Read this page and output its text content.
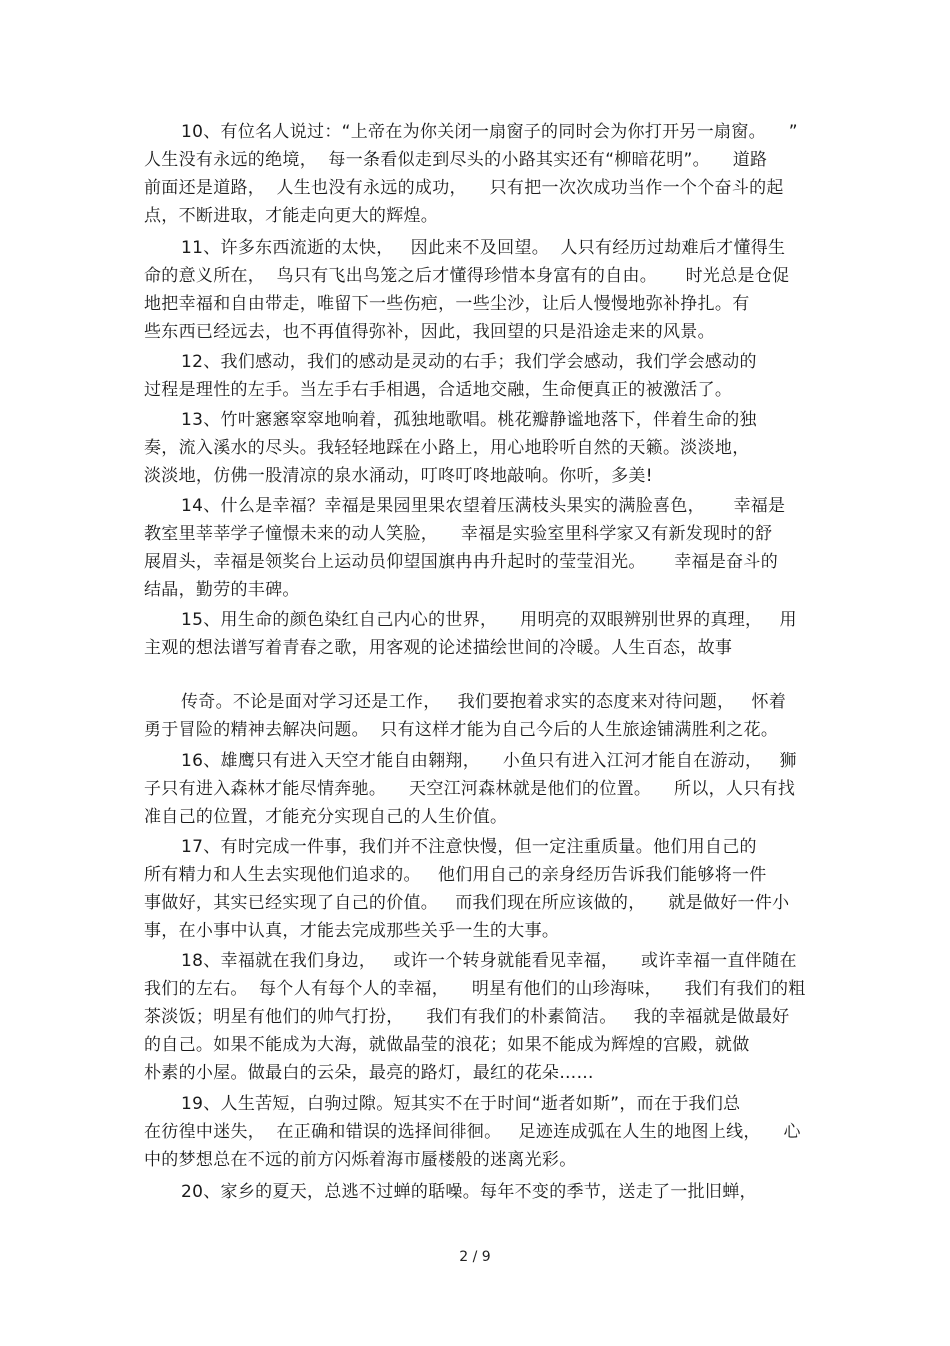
10、有位名人说过：“上帝在为你关闭一扇窗子的同时会为你打开另一扇窗。    ”
人生没有永远的绝境，  每一条看似走到尽头的小路其实还有“柳暗花明”。    道路
前面还是道路，  人生也没有永远的成功，    只有把一次次成功当作一个个奋斗的起
点，不断进取，才能走向更大的辉煌。
11、许多东西流逝的太快，   因此来不及回望。  人只有经历过劫难后才懂得生
命的意义所在，  鸟只有飞出鸟笼之后才懂得珍惜本身富有的自由。     时光总是仓促
地把幸福和自由带走，唯留下一些伤疤，一些尘沙，让后人慢慢地弥补挣扎。有
些东西已经远去，也不再值得弥补，因此，我回望的只是沿途走来的风景。
12、我们感动，我们的感动是灵动的右手；我们学会感动，我们学会感动的
过程是理性的左手。当左手右手相遇，合适地交融，生命便真正的被激活了。
13、竹叶窸窸窣窣地响着，孤独地歌唱。桃花瓣静谧地落下，伴着生命的独
奏，流入溪水的尽头。我轻轻地踩在小路上，用心地聆听自然的天籁。淡淡地，
淡淡地，仿佛一股清凉的泉水涌动，叮咚叮咚地敲响。你听，多美!
14、什么是幸福？幸福是果园里果农望着压满枝头果实的满脸喜色，     幸福是
教室里莘莘学子憧憬未来的动人笑脸，    幸福是实验室里科学家又有新发现时的舒
展眉头，幸福是领奖台上运动员仰望国旗冉冉升起时的莹莹泪光。     幸福是奋斗的
结晶，勤劳的丰碑。
15、用生命的颜色染红自己内心的世界，    用明亮的双眼辨别世界的真理，   用
主观的想法谱写着青春之歌，用客观的论述描绘世间的冷暖。人生百态，故事
传奇。不论是面对学习还是工作，   我们要抱着求实的态度来对待问题，   怀着
勇于冒险的精神去解决问题。  只有这样才能为自己今后的人生旅途铺满胜利之花。
16、雄鹰只有进入天空才能自由翱翔，    小鱼只有进入江河才能自在游动，   狮
子只有进入森林才能尽情奔驰。    天空江河森林就是他们的位置。    所以，人只有找
准自己的位置，才能充分实现自己的人生价值。
17、有时完成一件事，我们并不注意快慢，但一定注重质量。他们用自己的
所有精力和人生去实现他们追求的。   他们用自己的亲身经历告诉我们能够将一件
事做好，其实已经实现了自己的价值。   而我们现在所应该做的，    就是做好一件小
事，在小事中认真，才能去完成那些关乎一生的大事。
18、幸福就在我们身边，   或许一个转身就能看见幸福，    或许幸福一直伴随在
我们的左右。  每个人有每个人的幸福，    明星有他们的山珍海味，    我们有我们的粗
茶淡饭；明星有他们的帅气打扮，    我们有我们的朴素简洁。   我的幸福就是做最好
的自己。如果不能成为大海，就做晶莹的浪花；如果不能成为辉煌的宫殿，就做
朴素的小屋。做最白的云朵，最亮的路灯，最红的花朵……
19、人生苦短，白驹过隙。短其实不在于时间“逝者如斯”，而在于我们总
在彷徨中迷失，  在正确和错误的选择间徘徊。   足迹连成弧在人生的地图上线，    心
中的梦想总在不远的前方闪烁着海市蜃楼般的迷离光彩。
20、家乡的夏天，总逃不过蝉的聒噪。每年不变的季节，送走了一批旧蝉，
2 / 9
